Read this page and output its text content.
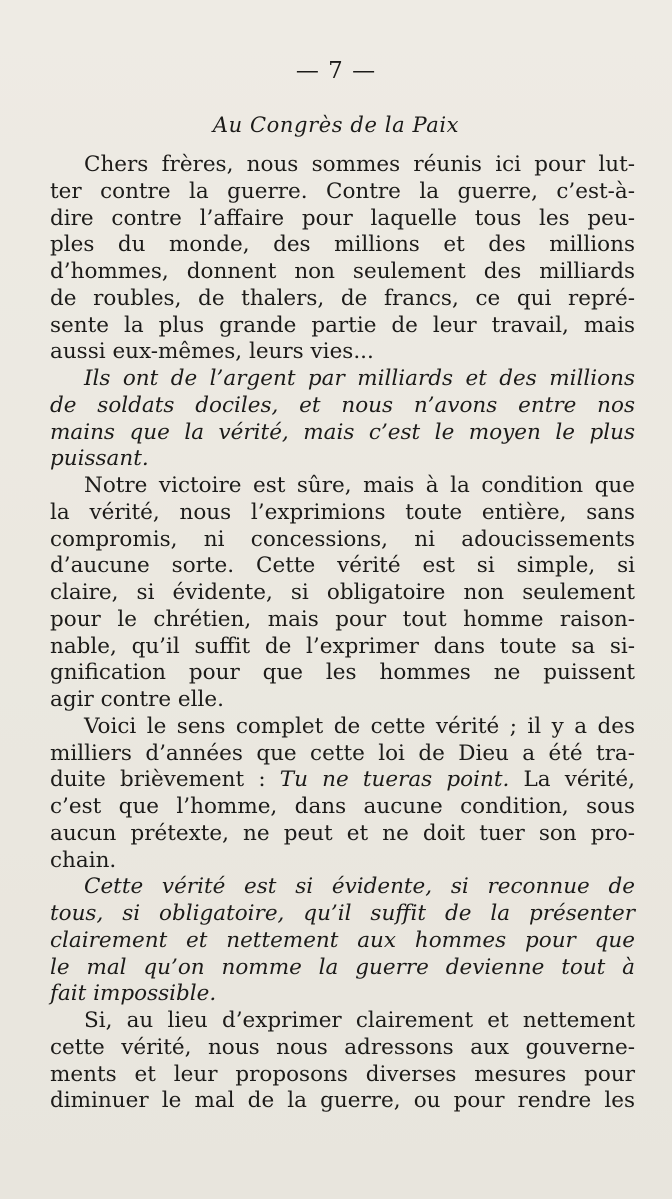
— 7 —
Au Congrès de la Paix
Chers frères, nous sommes réunis ici pour lut-
ter contre la guerre. Contre la guerre, c’est-à-
dire contre l’affaire pour laquelle tous les peu-
ples du monde, des millions et des millions
d’hommes, donnent non seulement des milliards
de roubles, de thalers, de francs, ce qui repré-
sente la plus grande partie de leur travail, mais
aussi eux-mêmes, leurs vies...
Ils ont de l’argent par milliards et des millions
de soldats dociles, et nous n’avons entre nos
mains que la vérité, mais c’est le moyen le plus
puissant.
Notre victoire est sûre, mais à la condition que
la vérité, nous l’exprimions toute entière, sans
compromis, ni concessions, ni adoucissements
d’aucune sorte. Cette vérité est si simple, si
claire, si évidente, si obligatoire non seulement
pour le chrétien, mais pour tout homme raison-
nable, qu’il suffit de l’exprimer dans toute sa si-
gnification pour que les hommes ne puissent
agir contre elle.
Voici le sens complet de cette vérité ; il y a des
milliers d’années que cette loi de Dieu a été tra-
duite brièvement : Tu ne tueras point. La vérité,
c’est que l’homme, dans aucune condition, sous
aucun prétexte, ne peut et ne doit tuer son pro-
chain.
Cette vérité est si évidente, si reconnue de
tous, si obligatoire, qu’il suffit de la présenter
clairement et nettement aux hommes pour que
le mal qu’on nomme la guerre devienne tout à
fait impossible.
Si, au lieu d’exprimer clairement et nettement
cette vérité, nous nous adressons aux gouverne-
ments et leur proposons diverses mesures pour
diminuer le mal de la guerre, ou pour rendre les
